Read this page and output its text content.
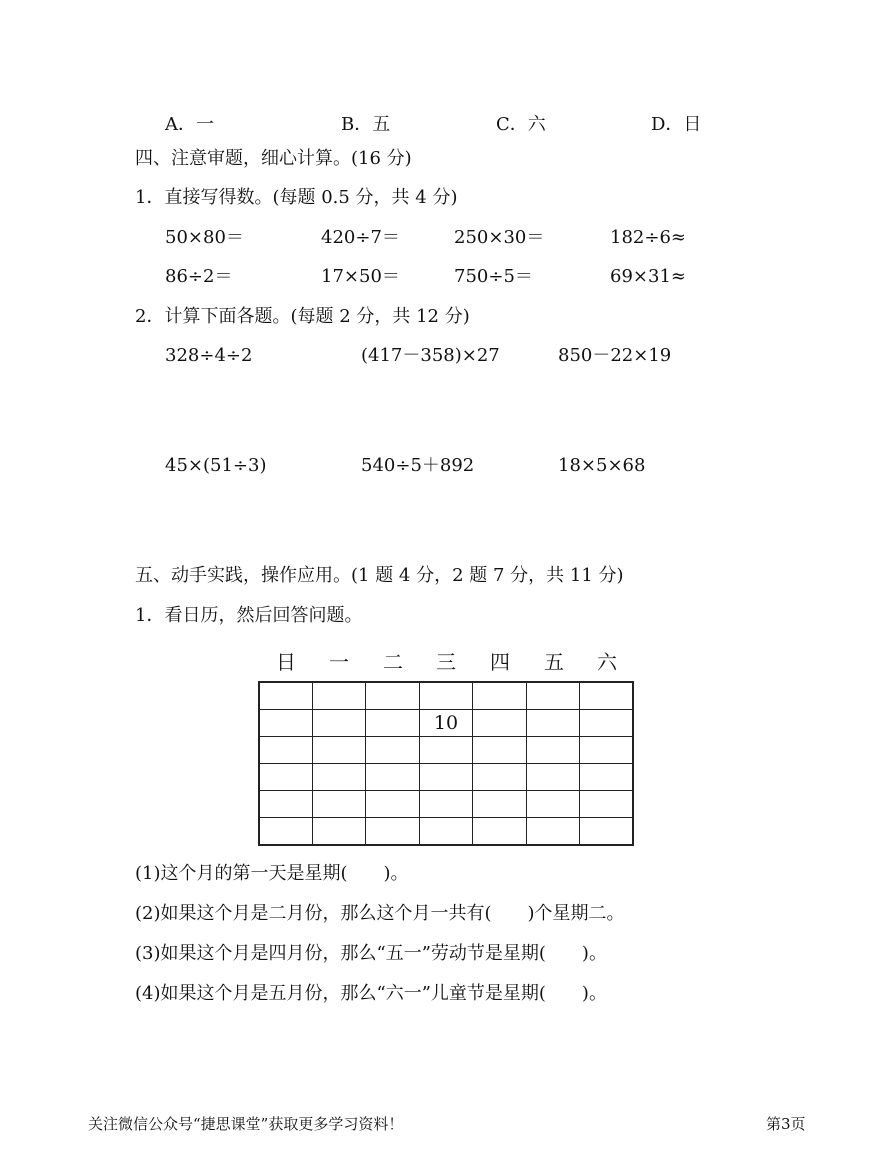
A．一	B．五	C．六	D．日
四、注意审题，细心计算。(16 分)
1．直接写得数。(每题 0.5 分，共 4 分)
50×80＝	420÷7＝	250×30＝	182÷6≈
86÷2＝	17×50＝	750÷5＝	69×31≈
2．计算下面各题。(每题 2 分，共 12 分)
328÷4÷2	(417－358)×27	850－22×19
45×(51÷3)	540÷5＋892	18×5×68
五、动手实践，操作应用。(1 题 4 分，2 题 7 分，共 11 分)
1．看日历，然后回答问题。
日 一 二 三 四 五 六

			10			

(1)这个月的第一天是星期(　　)。
(2)如果这个月是二月份，那么这个月一共有(　　)个星期二。
(3)如果这个月是四月份，那么“五一”劳动节是星期(　　)。
(4)如果这个月是五月份，那么“六一”儿童节是星期(　　)。
关注微信公众号“捷思课堂”获取更多学习资料！	第3页
